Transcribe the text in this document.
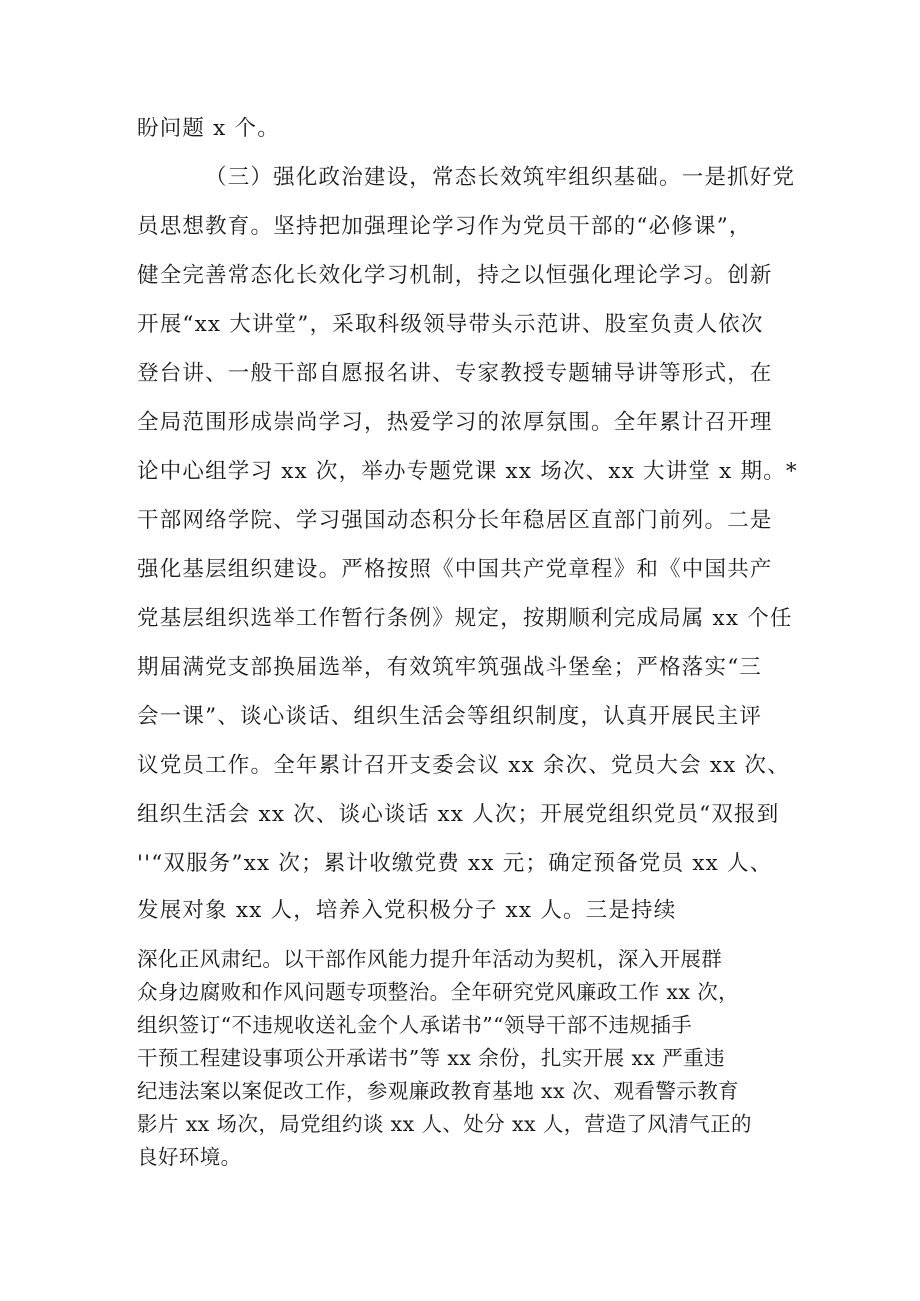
盼问题 x 个。
（三）强化政治建设，常态长效筑牢组织基础。一是抓好党
员思想教育。坚持把加强理论学习作为党员干部的“必修课”，
健全完善常态化长效化学习机制，持之以恒强化理论学习。创新
开展“xx 大讲堂”，采取科级领导带头示范讲、股室负责人依次
登台讲、一般干部自愿报名讲、专家教授专题辅导讲等形式，在
全局范围形成崇尚学习，热爱学习的浓厚氛围。全年累计召开理
论中心组学习 xx 次，举办专题党课 xx 场次、xx 大讲堂 x 期。*
干部网络学院、学习强国动态积分长年稳居区直部门前列。二是
强化基层组织建设。严格按照《中国共产党章程》和《中国共产
党基层组织选举工作暂行条例》规定，按期顺利完成局属 xx 个任
期届满党支部换届选举，有效筑牢筑强战斗堡垒；严格落实“三
会一课”、谈心谈话、组织生活会等组织制度，认真开展民主评
议党员工作。全年累计召开支委会议 xx 余次、党员大会 xx 次、
组织生活会 xx 次、谈心谈话 xx 人次；开展党组织党员“双报到
''“双服务”xx 次；累计收缴党费 xx 元；确定预备党员 xx 人、
发展对象 xx 人，培养入党积极分子 xx 人。三是持续
深化正风肃纪。以干部作风能力提升年活动为契机，深入开展群
众身边腐败和作风问题专项整治。全年研究党风廉政工作 xx 次，
组织签订“不违规收送礼金个人承诺书”“领导干部不违规插手
干预工程建设事项公开承诺书”等 xx 余份，扎实开展 xx 严重违
纪违法案以案促改工作，参观廉政教育基地 xx 次、观看警示教育
影片 xx 场次，局党组约谈 xx 人、处分 xx 人，营造了风清气正的
良好环境。
